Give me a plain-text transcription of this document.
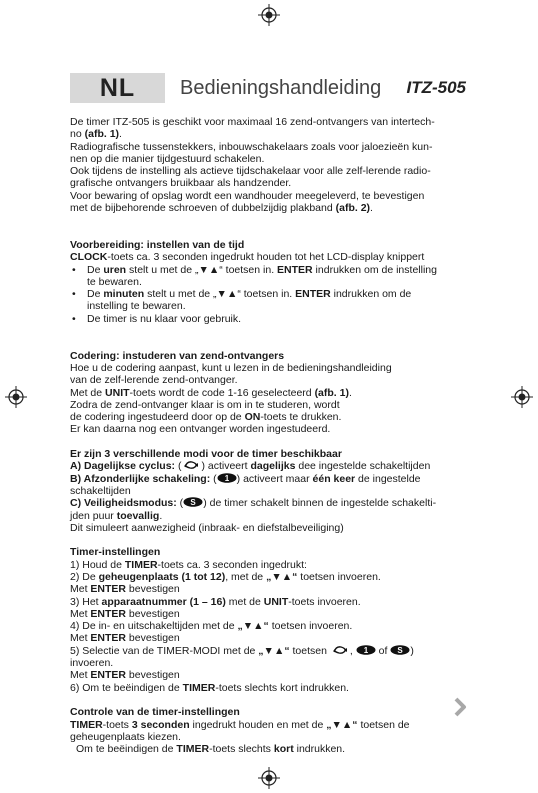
NL	Bedieningshandleiding ITZ-505

De timer ITZ-505 is geschikt voor maximaal 16 zend-ontvangers van intertech-

no (afb. 1).

Radiografische tussenstekkers, inbouwschakelaars zoals voor jaloezieën kun-

nen op die manier tijdgestuurd schakelen.

Ook tijdens de instelling als actieve tijdschakelaar voor alle zelf-lerende radio-

grafische ontvangers bruikbaar als handzender.

Voor bewaring of opslag wordt een wandhouder meegeleverd, te bevestigen

met de bijbehorende schroeven of dubbelzijdig plakband (afb. 2).

Voorbereiding: instellen van de tijd

CLOCK-toets ca. 3 seconden ingedrukt houden tot het LCD-display knippert

• De uren stelt u met de „▼▲“ toetsen in. ENTER indrukken om de instelling
te bewaren.
• De minuten stelt u met de „▼▲“ toetsen in. ENTER indrukken om de
instelling te bewaren.
• De timer is nu klaar voor gebruik.
Codering: instuderen van zend-ontvangers

Hoe u de codering aanpast, kunt u lezen in de bedieningshandleiding

van de zelf-lerende zend-ontvanger.

Met de UNIT-toets wordt de code 1-16 geselecteerd (afb. 1).

Zodra de zend-ontvanger klaar is om in te studeren, wordt

de codering ingestudeerd door op de ON-toets te drukken.

Er kan daarna nog een ontvanger worden ingestudeerd.

Er zijn 3 verschillende modi voor de timer beschikbaar

A) Dagelijkse cyclus: ( ) activeert dagelijks dee ingestelde schakeltijden

B) Afzonderlijke schakeling: ( 1 ) activeert maar één keer de ingestelde

schakeltijden

C) Veiligheidsmodus: ( S ) de timer schakelt binnen de ingestelde schakelti-

jden puur toevallig.

Dit simuleert aanwezigheid (inbraak- en diefstalbeveiliging)

Timer-instellingen

1) Houd de TIMER-toets ca. 3 seconden ingedrukt:

2) De geheugenplaats (1 tot 12), met de „▼▲“ toetsen invoeren.

Met ENTER bevestigen

3) Het apparaatnummer (1 – 16) met de UNIT-toets invoeren.

Met ENTER bevestigen

4) De in- en uitschakeltijden met de „▼▲“ toetsen invoeren.

Met ENTER bevestigen

5) Selectie van de TIMER-MODI met de „▼▲“ toetsen
, 1 of S )

invoeren.

Met ENTER bevestigen

6) Om te beëindigen de TIMER-toets slechts kort indrukken.

Controle van de timer-instellingen

TIMER-toets 3 seconden ingedrukt houden en met de „▼▲“ toetsen de

geheugenplaats kiezen.

Om te beëindigen de TIMER-toets slechts kort indrukken.
